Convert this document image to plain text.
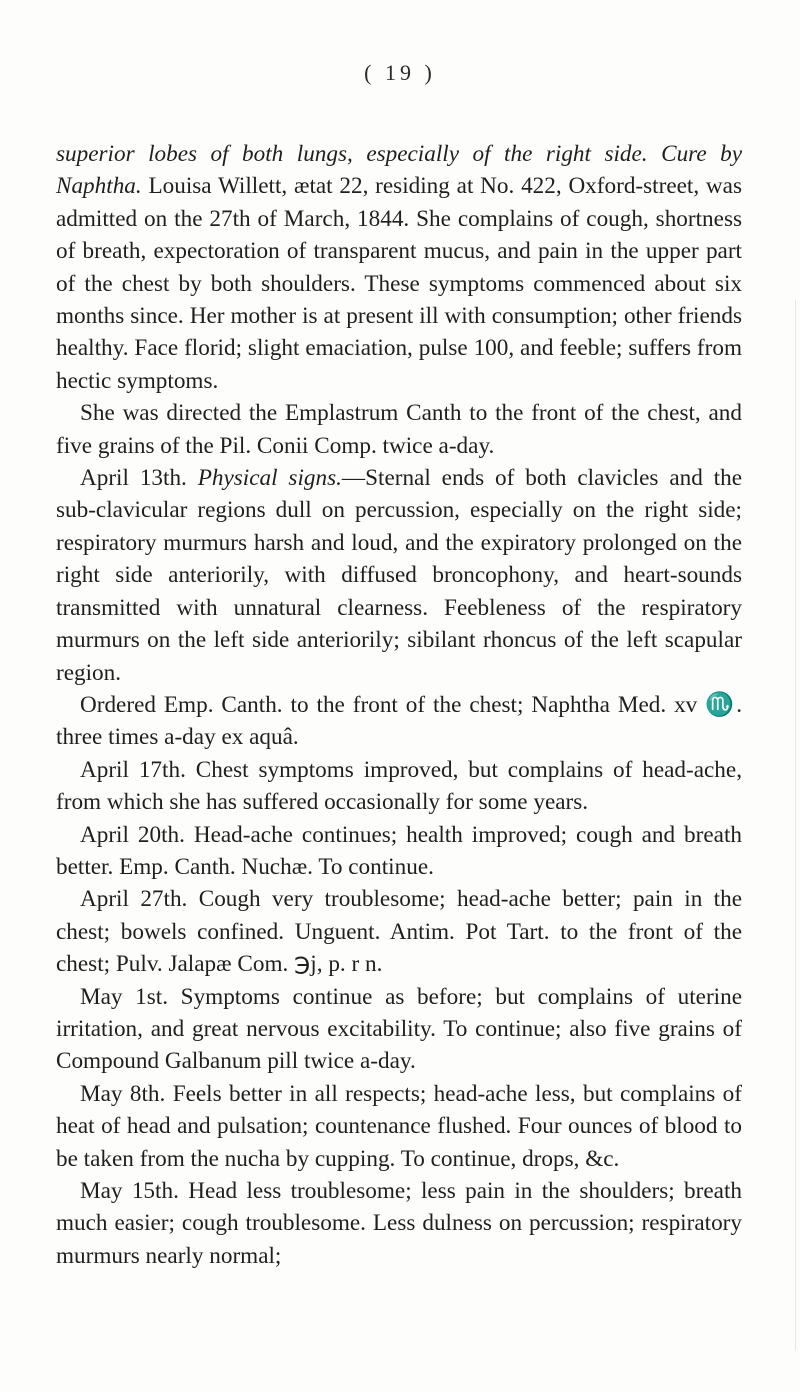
( 19 )

superior lobes of both lungs, especially of the right side. Cure by Naphtha. Louisa Willett, ætat 22, residing at No. 422, Oxford-street, was admitted on the 27th of March, 1844. She complains of cough, shortness of breath, expectoration of transparent mucus, and pain in the upper part of the chest by both shoulders. These symptoms commenced about six months since. Her mother is at present ill with consumption; other friends healthy. Face florid; slight emaciation, pulse 100, and feeble; suffers from hectic symptoms.

She was directed the Emplastrum Canth to the front of the chest, and five grains of the Pil. Conii Comp. twice a-day.

April 13th. Physical signs.—Sternal ends of both clavicles and the sub-clavicular regions dull on percussion, especially on the right side; respiratory murmurs harsh and loud, and the expiratory prolonged on the right side anteriorily, with diffused broncophony, and heart-sounds transmitted with unnatural clearness. Feebleness of the respiratory murmurs on the left side anteriorily; sibilant rhoncus of the left scapular region.

Ordered Emp. Canth. to the front of the chest; Naphtha Med. xv ♏. three times a-day ex aquâ.

April 17th. Chest symptoms improved, but complains of head-ache, from which she has suffered occasionally for some years.

April 20th. Head-ache continues; health improved; cough and breath better. Emp. Canth. Nuchæ. To continue.

April 27th. Cough very troublesome; head-ache better; pain in the chest; bowels confined. Unguent. Antim. Pot Tart. to the front of the chest; Pulv. Jalapæ Com. ℈j, p. r n.

May 1st. Symptoms continue as before; but complains of uterine irritation, and great nervous excitability. To continue; also five grains of Compound Galbanum pill twice a-day.

May 8th. Feels better in all respects; head-ache less, but complains of heat of head and pulsation; countenance flushed. Four ounces of blood to be taken from the nucha by cupping. To continue, drops, &c.

May 15th. Head less troublesome; less pain in the shoulders; breath much easier; cough troublesome. Less dulness on percussion; respiratory murmurs nearly normal;
